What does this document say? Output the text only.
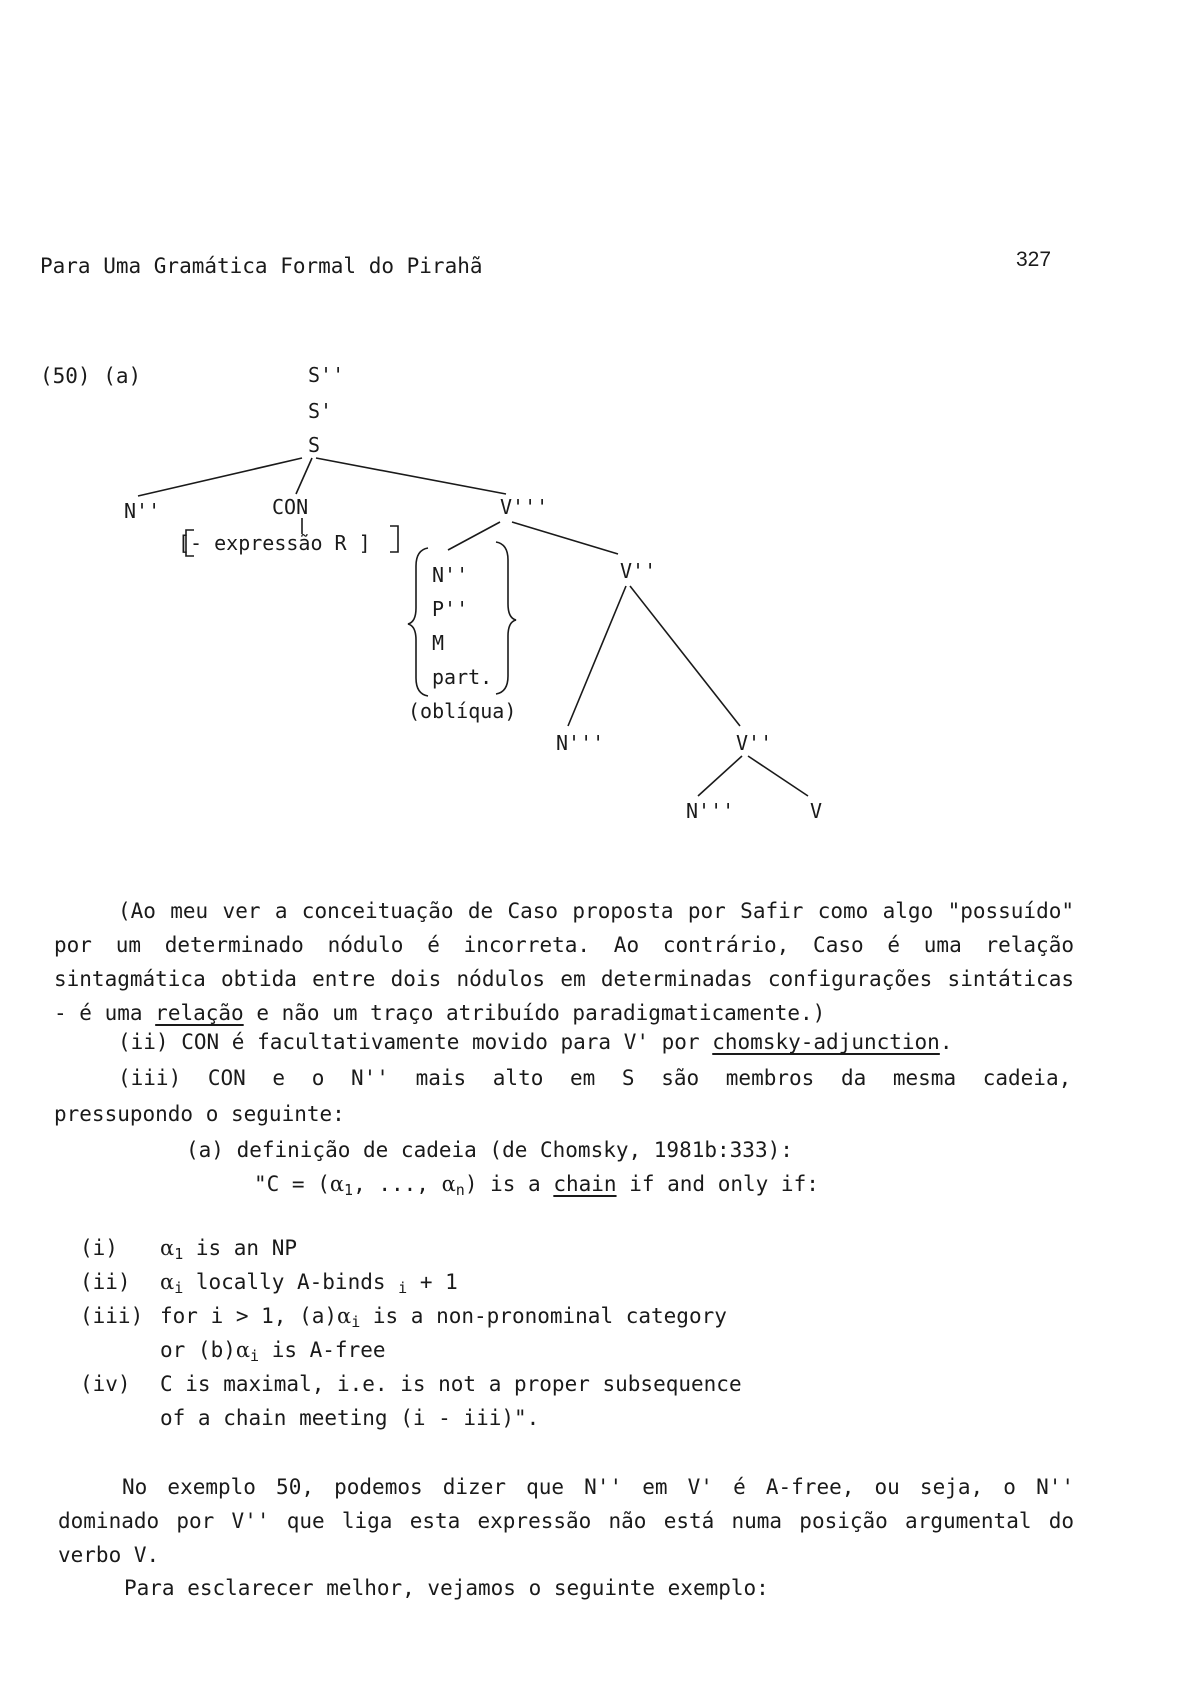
Para Uma Gramática Formal do Pirahã	327
(50) (a)	S''
S'
S
N''	CON
[- expressão R ]
V'''
N''
P''
M
part.
(oblíqua)
V''
N'''	V''
N'''	V
(Ao meu ver a conceituação de Caso proposta por Safir como algo "possuído" por um determinado nódulo é incorreta. Ao contrário, Caso é uma relação sintagmática obtida entre dois nódulos em determinadas configurações sintáticas - é uma relação e não um traço atribuído paradigmaticamente.)
(ii) CON é facultativamente movido para V' por chomsky-adjunction.
(iii) CON e o N'' mais alto em S são membros da mesma cadeia,
pressupondo o seguinte:
(a) definição de cadeia (de Chomsky, 1981b:333):
"$C = (\alpha_1$, ..., $\alpha_n$) is a chain if and only if:
(i) $\alpha_1$ is an NP
(ii) $\alpha_i$ locally A-binds $_i$ + 1
(iii) for i > 1, $(a)\alpha_i$ is a non-pronominal category
or $(b)\alpha_i$ is A-free
(iv) C is maximal, i.e. is not a proper subsequence
of a chain meeting (i - iii)".
No exemplo 50, podemos dizer que N'' em V' é A-free, ou seja, o N'' dominado por V'' que liga esta expressão não está numa posição argumental do verbo V.
Para esclarecer melhor, vejamos o seguinte exemplo:
